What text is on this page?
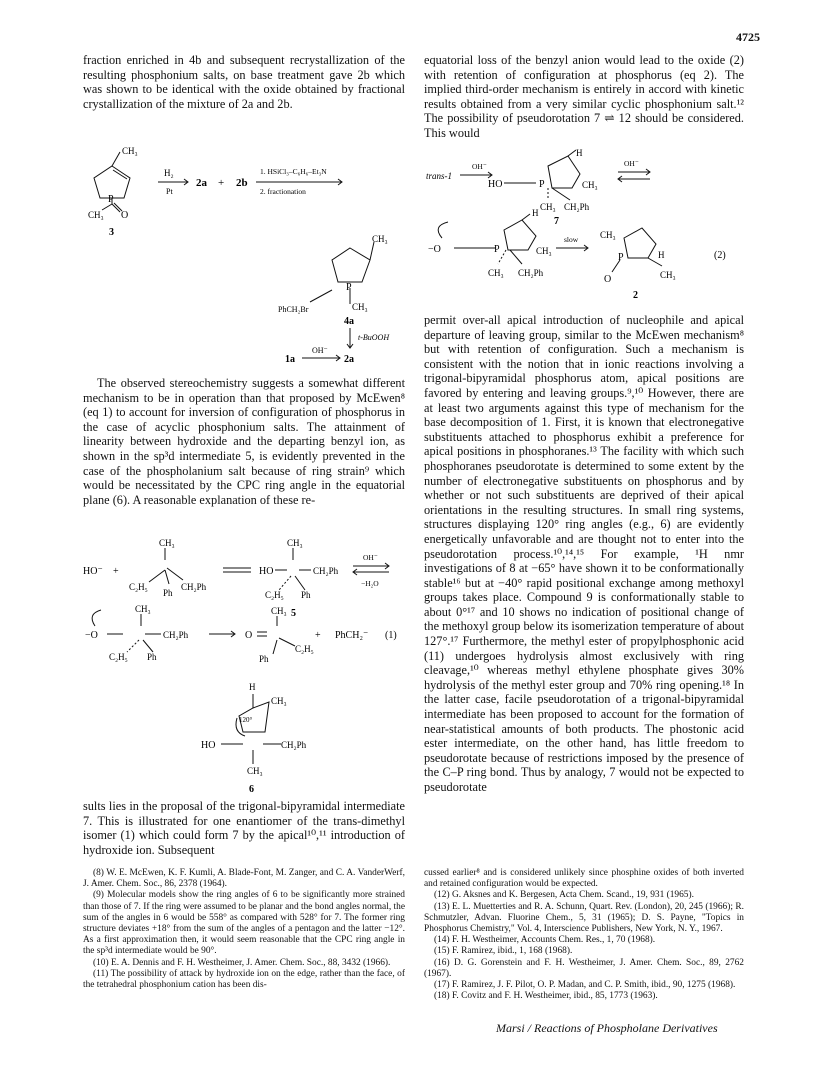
4725

fraction enriched in 4b and subsequent recrystallization of the resulting phosphonium salts, on base treatment gave 2b which was shown to be identical with the oxide obtained by fractional crystallization of the mixture of 2a and 2b.

equatorial loss of the benzyl anion would lead to the oxide (2) with retention of configuration at phosphorus (eq 2). The implied third-order mechanism is entirely in accord with kinetic results obtained from a very similar cyclic phosphonium salt.¹² The possibility of pseudorotation 7 ⇌ 12 should be considered. This would

CH₃
P
CH₃ O
3
H₂
Pt
2a + 2b
1. HSiCl₃–C₆H₆–Et₃N
2. fractionation
CH₃
P
CH₃
4a
PhCH₂Br
t-BuOOH
1a
OH⁻
2a
trans-1
OH⁻
HO	P
H
CH₃
CH₃ CH₂Ph
7
OH⁻
−O	P
H
CH₃
CH₃ CH₂Ph
slow CH₃
P	H
O	CH₃
2
(2)

permit over-all apical introduction of nucleophile and apical departure of leaving group, similar to the McEwen mechanism⁸ but with retention of configuration. Such a mechanism is consistent with the notion that in ionic reactions involving a trigonal-bipyramidal phosphorus atom, apical positions are favored by entering and leaving groups.⁹,¹⁰ However, there are at least two arguments against this type of mechanism for the base decomposition of 1. First, it is known that electronegative substituents attached to phosphorus exhibit a preference for apical positions in phosphoranes.¹³ The facility with which such phosphoranes pseudorotate is determined to some extent by the number of electronegative substituents on phosphorus and by whether or not such substituents are deprived of their apical orientations in the resulting structures. In small ring systems, structures displaying 120° ring angles (e.g., 6) are evidently energetically unfavorable and are thought not to enter into the pseudorotation process.¹⁰,¹⁴,¹⁵ For example, ¹H nmr investigations of 8 at −65° have shown it to be conformationally stable¹⁶ but at −40° rapid positional exchange among methoxyl groups takes place. Compound 9 is conformationally stable to about 0°¹⁷ and 10 shows no indication of positional change of the methoxyl group below its isomerization temperature of about 127°.¹⁷ Furthermore, the methyl ester of propylphosphonic acid (11) undergoes hydrolysis almost exclusively with ring cleavage,¹⁰ whereas methyl ethylene phosphate gives 30% hydrolysis of the methyl ester group and 70% ring opening.¹⁸ In the latter case, facile pseudorotation of a trigonal-bipyramidal intermediate has been proposed to account for the formation of near-statistical amounts of both products. The phostonic acid ester intermediate, on the other hand, has little freedom to pseudorotate because of restrictions imposed by the presence of the C–P ring bond. Thus by analogy, 7 would not be expected to pseudorotate

The observed stereochemistry suggests a somewhat different mechanism to be in operation than that proposed by McEwen⁸ (eq 1) to account for inversion of configuration of phosphorus in the case of acyclic phosphonium salts. The attainment of linearity between hydroxide and the departing benzyl ion, as shown in the sp³d intermediate 5, is evidently prevented in the case of the phospholanium salt because of ring strain⁹ which would be necessitated by the CPC ring angle in the equatorial plane (6). A reasonable explanation of these re-

HO⁻ +
CH₃
C₂H₅
Ph
CH₂Ph
CH₃
HO	CH₂Ph
C₂H₅ Ph
5
OH⁻
−H₂O
−O
CH₃
CH₂Ph
C₂H₅ Ph
O
CH₃
C₂H₅
Ph
+ PhCH₂⁻ (1)
H
CH₃
120°
HO	CH₂Ph
CH₃
6

sults lies in the proposal of the trigonal-bipyramidal intermediate 7. This is illustrated for one enantiomer of the trans-dimethyl isomer (1) which could form 7 by the apical¹⁰,¹¹ introduction of hydroxide ion. Subsequent

(8) W. E. McEwen, K. F. Kumli, A. Blade-Font, M. Zanger, and C. A. VanderWerf, J. Amer. Chem. Soc., 86, 2378 (1964).

(9) Molecular models show the ring angles of 6 to be significantly more strained than those of 7. If the ring were assumed to be planar and the bond angles normal, the sum of the angles in 6 would be 558° as compared with 528° for 7. The former ring structure deviates +18° from the sum of the angles of a pentagon and the latter −12°. As a first approximation then, it would seem reasonable that the CPC ring angle in the sp³d intermediate would be 90°.

(10) E. A. Dennis and F. H. Westheimer, J. Amer. Chem. Soc., 88, 3432 (1966).

(11) The possibility of attack by hydroxide ion on the edge, rather than the face, of the tetrahedral phosphonium cation has been dis-

cussed earlier⁸ and is considered unlikely since phosphine oxides of both inverted and retained configuration would be expected.

(12) G. Aksnes and K. Bergesen, Acta Chem. Scand., 19, 931 (1965).

(13) E. L. Muetterties and R. A. Schunn, Quart. Rev. (London), 20, 245 (1966); R. Schmutzler, Advan. Fluorine Chem., 5, 31 (1965); D. S. Payne, "Topics in Phosphorus Chemistry," Vol. 4, Interscience Publishers, New York, N. Y., 1967.

(14) F. H. Westheimer, Accounts Chem. Res., 1, 70 (1968).

(15) F. Ramirez, ibid., 1, 168 (1968).

(16) D. G. Gorenstein and F. H. Westheimer, J. Amer. Chem. Soc., 89, 2762 (1967).

(17) F. Ramirez, J. F. Pilot, O. P. Madan, and C. P. Smith, ibid., 90, 1275 (1968).

(18) F. Covitz and F. H. Westheimer, ibid., 85, 1773 (1963).

Marsi / Reactions of Phospholane Derivatives
